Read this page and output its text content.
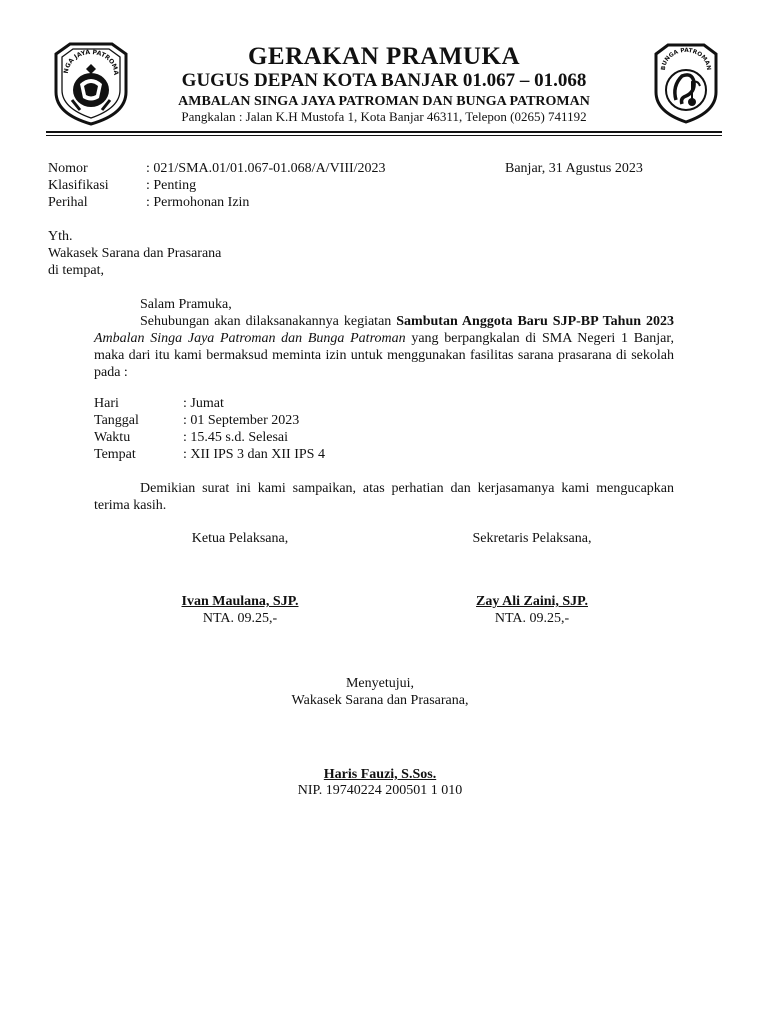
NGA JAYA PATROMA
BUNGA PATROMAN
GERAKAN PRAMUKA
GUGUS DEPAN KOTA BANJAR 01.067 – 01.068
AMBALAN SINGA JAYA PATROMAN DAN BUNGA PATROMAN
Pangkalan : Jalan K.H Mustofa 1, Kota Banjar 46311, Telepon (0265) 741192
Nomor	: 021/SMA.01/01.067-01.068/A/VIII/2023	Banjar, 31 Agustus 2023
Klasifikasi	: Penting
Perihal	: Permohonan Izin
Yth.
Wakasek Sarana dan Prasarana
di tempat,
Salam Pramuka,
Sehubungan akan dilaksanakannya kegiatan Sambutan Anggota Baru SJP-BP Tahun 2023 Ambalan Singa Jaya Patroman dan Bunga Patroman yang berpangkalan di SMA Negeri 1 Banjar, maka dari itu kami bermaksud meminta izin untuk menggunakan fasilitas sarana prasarana di sekolah pada :
Hari	: Jumat
Tanggal	: 01 September 2023
Waktu	: 15.45 s.d. Selesai
Tempat	: XII IPS 3 dan XII IPS 4
Demikian surat ini kami sampaikan, atas perhatian dan kerjasamanya kami mengucapkan terima kasih.
Ketua Pelaksana,	Sekretaris Pelaksana,
Ivan Maulana, SJP.
NTA. 09.25,-
Zay Ali Zaini, SJP.
NTA. 09.25,-
Menyetujui,
Wakasek Sarana dan Prasarana,
Haris Fauzi, S.Sos.
NIP. 19740224 200501 1 010
